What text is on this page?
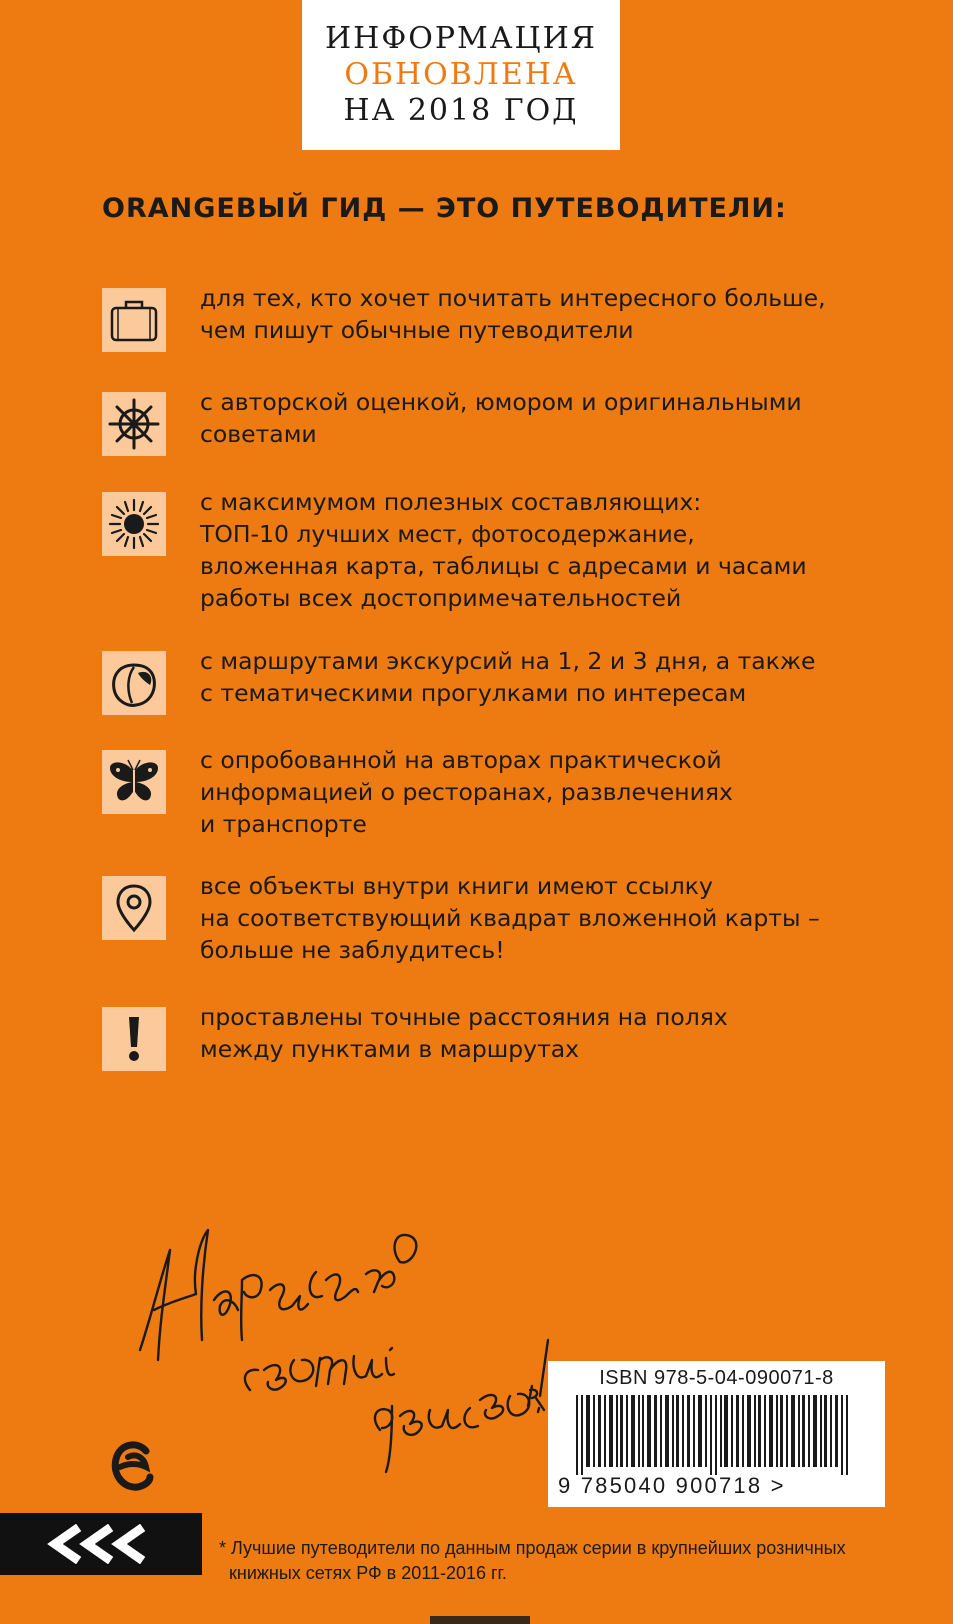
ИНФОРМАЦИЯ
ОБНОВЛЕНА
НА 2018 ГОД
ORANGEВЫЙ ГИД — ЭТО ПУТЕВОДИТЕЛИ:
для тех, кто хочет почитать интересного больше,
чем пишут обычные путеводители
с авторской оценкой, юмором и оригинальными
советами
с максимумом полезных составляющих:
ТОП-10 лучших мест, фотосодержание,
вложенная карта, таблицы с адресами и часами
работы всех достопримечательностей
с маршрутами экскурсий на 1, 2 и 3 дня, а также
с тематическими прогулками по интересам
с опробованной на авторах практической
информацией о ресторанах, развлечениях
и транспорте
все объекты внутри книги имеют ссылку
на соответствующий квадрат вложенной карты –
больше не заблудитесь!
проставлены точные расстояния на полях
между пунктами в маршрутах
ISBN 978-5-04-090071-8
9 785040 900718 >
* Лучшие путеводители по данным продаж серии в крупнейших розничных
книжных сетях РФ в 2011-2016 гг.
